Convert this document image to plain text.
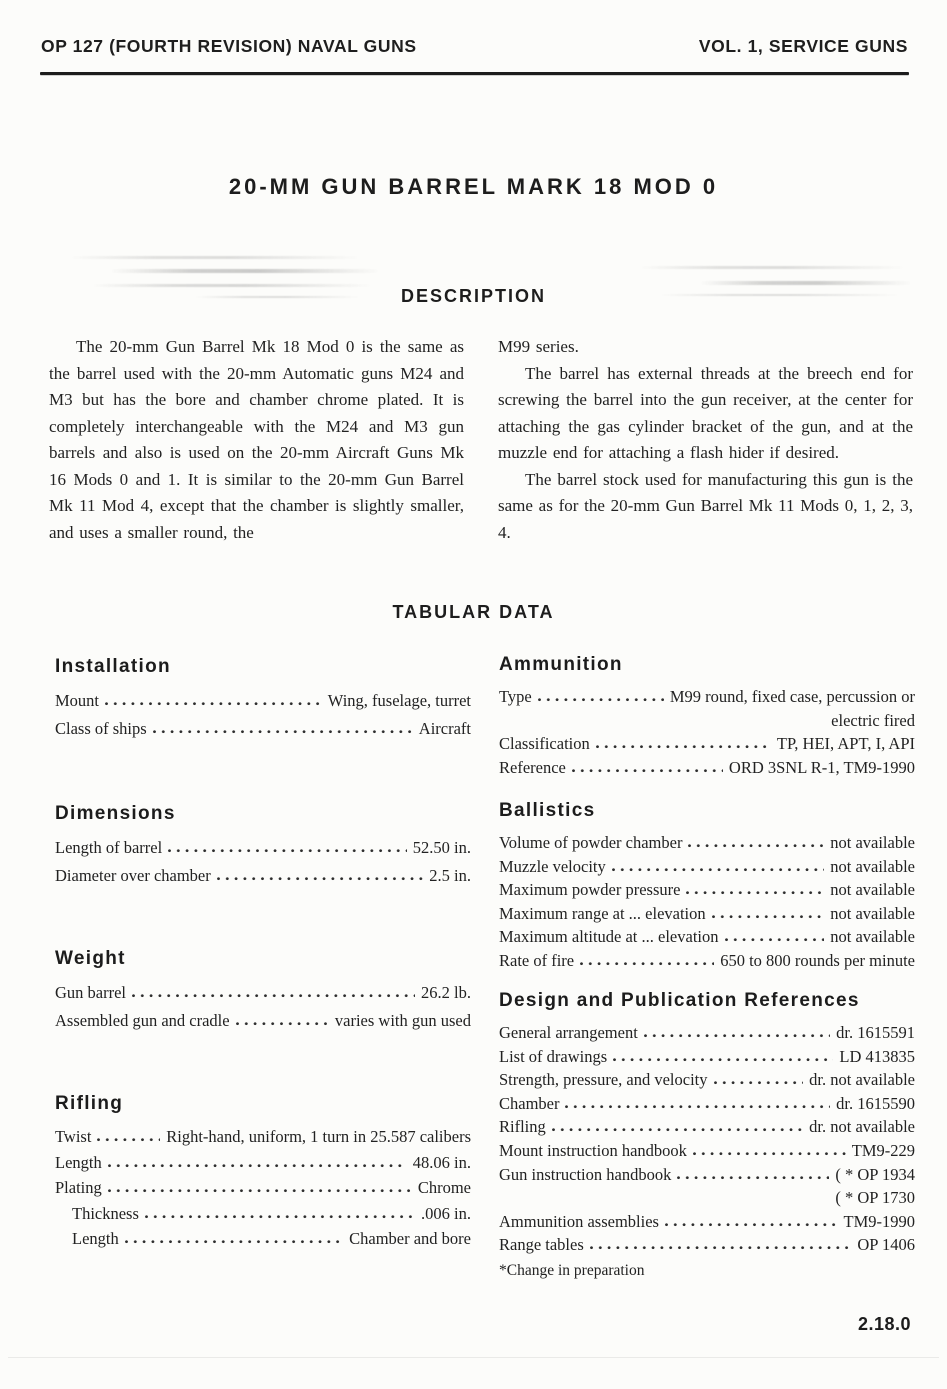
OP 127 (FOURTH REVISION) NAVAL GUNS	VOL. 1, SERVICE GUNS
20-MM GUN BARREL MARK 18 MOD 0
DESCRIPTION

The 20-mm Gun Barrel Mk 18 Mod 0 is the same as the barrel used with the 20-mm Automatic guns M24 and M3 but has the bore and chamber chrome plated. It is completely interchangeable with the M24 and M3 gun barrels and also is used on the 20-mm Aircraft Guns Mk 16 Mods 0 and 1. It is similar to the 20-mm Gun Barrel Mk 11 Mod 4, except that the chamber is slightly smaller, and uses a smaller round, the

M99 series.

The barrel has external threads at the breech end for screwing the barrel into the gun receiver, at the center for attaching the gas cylinder bracket of the gun, and at the muzzle end for attaching a flash hider if desired.

The barrel stock used for manufacturing this gun is the same as for the 20-mm Gun Barrel Mk 11 Mods 0, 1, 2, 3, 4.

TABULAR DATA
Installation
Mount	Wing, fuselage, turret
Class of ships	Aircraft
Dimensions
Length of barrel	52.50 in.
Diameter over chamber	2.5 in.
Weight
Gun barrel	26.2 lb.
Assembled gun and cradle	varies with gun used
Rifling
Twist	Right-hand, uniform, 1 turn in 25.587 calibers
Length	48.06 in.
Plating	Chrome
Thickness	.006 in.
Length	Chamber and bore
Ammunition
Type	M99 round, fixed case, percussion or
electric fired
Classification	TP, HEI, APT, I, API
Reference	ORD 3SNL R-1, TM9-1990
Ballistics
Volume of powder chamber	not available
Muzzle velocity	not available
Maximum powder pressure	not available
Maximum range at ... elevation	not available
Maximum altitude at ... elevation	not available
Rate of fire	650 to 800 rounds per minute
Design and Publication References
General arrangement	dr. 1615591
List of drawings	LD 413835
Strength, pressure, and velocity	dr. not available
Chamber	dr. 1615590
Rifling	dr. not available
Mount instruction handbook	TM9-229
Gun instruction handbook	( * OP 1934
( * OP 1730
Ammunition assemblies	TM9-1990
Range tables	OP 1406
*Change in preparation
2.18.0
